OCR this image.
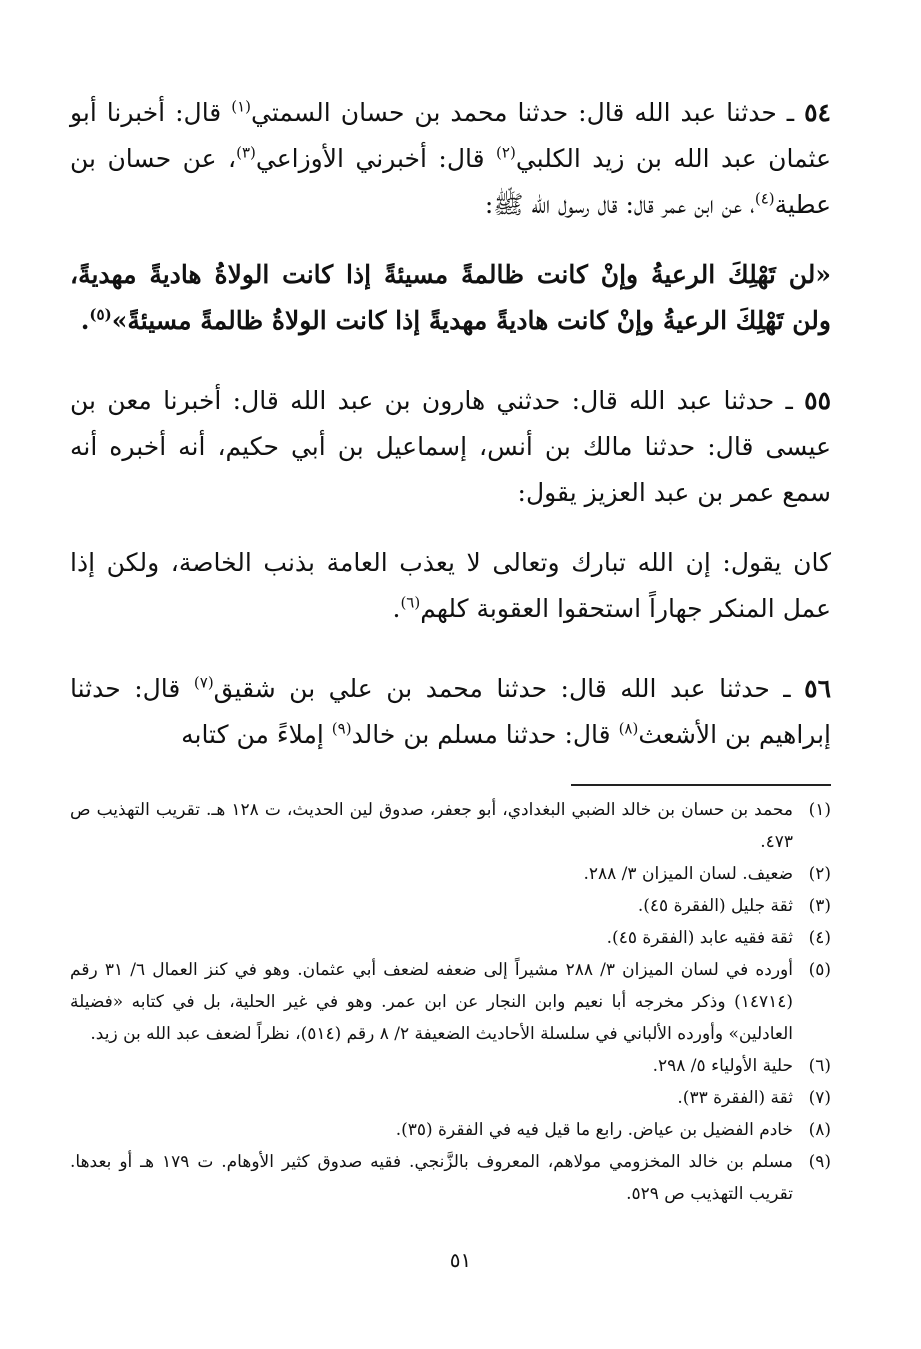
٥٤ ـ حدثنا عبد الله قال: حدثنا محمد بن حسان السمتي$^{(١)}$ قال: أخبرنا أبو عثمان عبد الله بن زيد الكلبي$^{(٢)}$ قال: أخبرني الأوزاعي$^{(٣)}$، عن حسان بن عطية$^{(٤)}$، عن ابن عمر قال: قال رسول الله ﷺ:

«لن تَهْلِكَ الرعيةُ وإنْ كانت ظالمةً مسيئةً إذا كانت الولاةُ هاديةً مهديةً، ولن تَهْلِكَ الرعيةُ وإنْ كانت هاديةً مهديةً إذا كانت الولاةُ ظالمةً مسيئةً»$^{(٥)}$.

٥٥ ـ حدثنا عبد الله قال: حدثني هارون بن عبد الله قال: أخبرنا معن بن عيسى قال: حدثنا مالك بن أنس، إسماعيل بن أبي حكيم، أنه أخبره أنه سمع عمر بن عبد العزيز يقول:

كان يقول: إن الله تبارك وتعالى لا يعذب العامة بذنب الخاصة، ولكن إذا عمل المنكر جهاراً استحقوا العقوبة كلهم$^{(٦)}$.

٥٦ ـ حدثنا عبد الله قال: حدثنا محمد بن علي بن شقيق$^{(٧)}$ قال: حدثنا إبراهيم بن الأشعث$^{(٨)}$ قال: حدثنا مسلم بن خالد$^{(٩)}$ إملاءً من كتابه

(١)
محمد بن حسان بن خالد الضبي البغدادي، أبو جعفر، صدوق لين الحديث، ت ١٢٨ هـ. تقريب التهذيب ص ٤٧٣.
(٢)
ضعيف. لسان الميزان ٣/ ٢٨٨.
(٣)
ثقة جليل (الفقرة ٤٥).
(٤)
ثقة فقيه عابد (الفقرة ٤٥).
(٥)
أورده في لسان الميزان ٣/ ٢٨٨ مشيراً إلى ضعفه لضعف أبي عثمان. وهو في كنز العمال ٦/ ٣١ رقم (١٤٧١٤) وذكر مخرجه أبا نعيم وابن النجار عن ابن عمر. وهو في غير الحلية، بل في كتابه «فضيلة العادلين» وأورده الألباني في سلسلة الأحاديث الضعيفة ٢/ ٨ رقم (٥١٤)، نظراً لضعف عبد الله بن زيد.
(٦)
حلية الأولياء ٥/ ٢٩٨.
(٧)
ثقة (الفقرة ٣٣).
(٨)
خادم الفضيل بن عياض. رابع ما قيل فيه في الفقرة (٣٥).
(٩)
مسلم بن خالد المخزومي مولاهم، المعروف بالزَّنجي. فقيه صدوق كثير الأوهام. ت ١٧٩ هـ أو بعدها. تقريب التهذيب ص ٥٢٩.
٥١
